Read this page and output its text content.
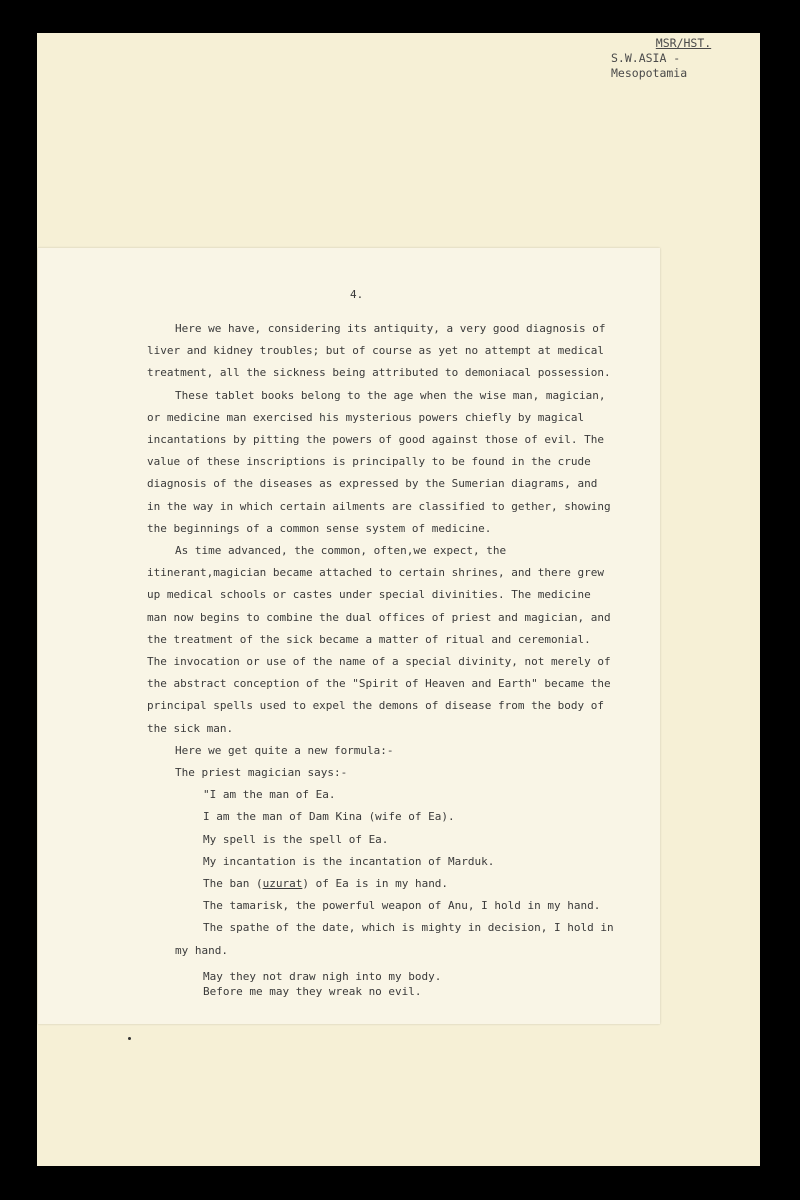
MSR/HST.
S.W.ASIA - Mesopotamia
4.

Here we have, considering its antiquity, a very good diagnosis of liver and kidney troubles; but of course as yet no attempt at medical treatment, all the sickness being attributed to demoniacal possession.

These tablet books belong to the age when the wise man, magician, or medicine man exercised his mysterious powers chiefly by magical incantations by pitting the powers of good against those of evil. The value of these inscriptions is principally to be found in the crude diagnosis of the diseases as expressed by the Sumerian diagrams, and in the way in which certain ailments are classified to gether, showing the beginnings of a common sense system of medicine.

As time advanced, the common, often,we expect, the itinerant,magician became attached to certain shrines, and there grew up medical schools or castes under special divinities. The medicine man now begins to combine the dual offices of priest and magician, and the treatment of the sick became a matter of ritual and ceremonial. The invocation or use of the name of a special divinity, not merely of the abstract conception of the "Spirit of Heaven and Earth" became the principal spells used to expel the demons of disease from the body of the sick man.

Here we get quite a new formula:-

The priest magician says:-

"I am the man of Ea.

I am the man of Dam Kina (wife of Ea).

My spell is the spell of Ea.

My incantation is the incantation of Marduk.

The ban (uzurat) of Ea is in my hand.

The tamarisk, the powerful weapon of Anu, I hold in my hand.

The spathe of the date, which is mighty in decision, I hold in my hand.

May they not draw nigh into my body.

Before me may they wreak no evil.
